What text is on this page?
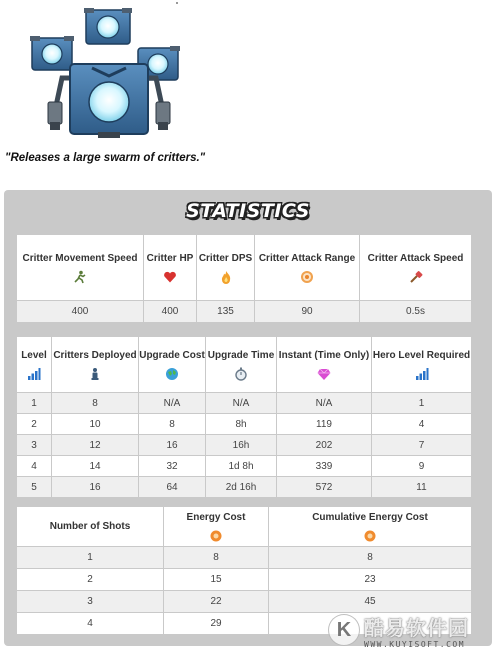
"Releases a large swarm of critters."
STATISTICS
Critter Movement Speed	Critter HP	Critter DPS	Critter Attack Range	Critter Attack Speed

400	400	135	90	0.5s
Level	Critters Deployed	Upgrade Cost	Upgrade Time	Instant (Time Only)	Hero Level Required

1	8	N/A	N/A	N/A	1
2	10	8	8h	119	4
3	12	16	16h	202	7
4	14	32	1d 8h	339	9
5	16	64	2d 16h	572	11
Number of Shots	Energy Cost	Cumulative Energy Cost

1	8	8
2	15	23
3	22	45
4	29		K 酷易软件园
WWW.KUYISOFT.COM
